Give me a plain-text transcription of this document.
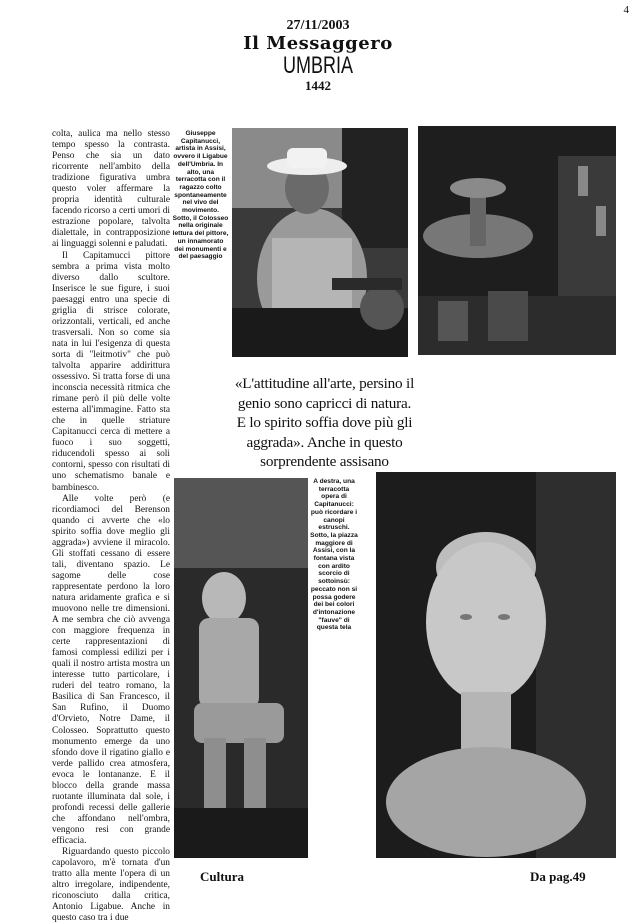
4
27/11/2003
Il Messaggero
UMBRIA
1442

colta, aulica ma nello stesso tempo spesso la contrasta. Penso che sia un dato ricorrente nell'ambito della tradizione figurativa umbra questo voler affermare la propria identità culturale facendo ricorso a certi umori di estrazione popolare, talvolta dialettale, in contrapposizione ai linguaggi solenni e paludati.

Il Capitamucci pittore sembra a prima vista molto diverso dallo scultore. Inserisce le sue figure, i suoi paesaggi entro una specie di griglia di strisce colorate, orizzontali, verticali, ed anche trasversali. Non so come sia nata in lui l'esigenza di questa sorta di "leitmotiv" che può talvolta apparire addirittura ossessivo. Si tratta forse di una inconscia necessità ritmica che rimane però il più delle volte esterna all'immagine. Fatto sta che in quelle striature Capitanucci cerca di mettere a fuoco i suo soggetti, riducendoli spesso ai soli contorni, spesso con risultati di uno schematismo banale e bambinesco.

Alle volte però (e ricordiamoci del Berenson quando ci avverte che «lo spirito soffia dove meglio gli aggrada») avviene il miracolo. Gli stoffati cessano di essere tali, diventano spazio. Le sagome delle cose rappresentate perdono la loro natura aridamente grafica e si muovono nelle tre dimensioni. A me sembra che ciò avvenga con maggiore frequenza in certe rappresentazioni di famosi complessi edilizi per i quali il nostro artista mostra un interesse tutto particolare, i ruderi del teatro romano, la Basilica di San Francesco, il San Rufino, il Duomo d'Orvieto, Notre Dame, il Colosseo. Soprattutto questo monumento emerge da uno sfondo dove il rigatino giallo e verde pallido crea atmosfera, evoca le lontananze. E il blocco della grande massa ruotante illuminata dal sole, i profondi recessi delle gallerie che affondano nell'ombra, vengono resi con grande efficacia.

Riguardando questo piccolo capolavoro, m'è tornata d'un tratto alla mente l'opera di un altro irregolare, indipendente, riconosciuto dalla critica, Antonio Ligabue. Anche in questo caso tra i due

Giuseppe Capitanucci, artista in Assisi, ovvero il Ligabue dell'Umbria. In alto, una terracotta con il ragazzo colto spontaneamente nel vivo del movimento. Sotto, il Colosseo nella originale lettura del pittore, un innamorato dei monumenti e del paesaggio
«L'attitudine all'arte, persino il genio sono capricci di natura. E lo spirito soffia dove più gli aggrada». Anche in questo sorprendente assisano
A destra, una terracotta opera di Capitanucci: può ricordare i canopi estruschi. Sotto, la piazza maggiore di Assisi, con la fontana vista con ardito scorcio di sottoinsù: peccato non si possa godere dei bei colori d'intonazione "fauve" di questa tela
Cultura	Da pag.49
